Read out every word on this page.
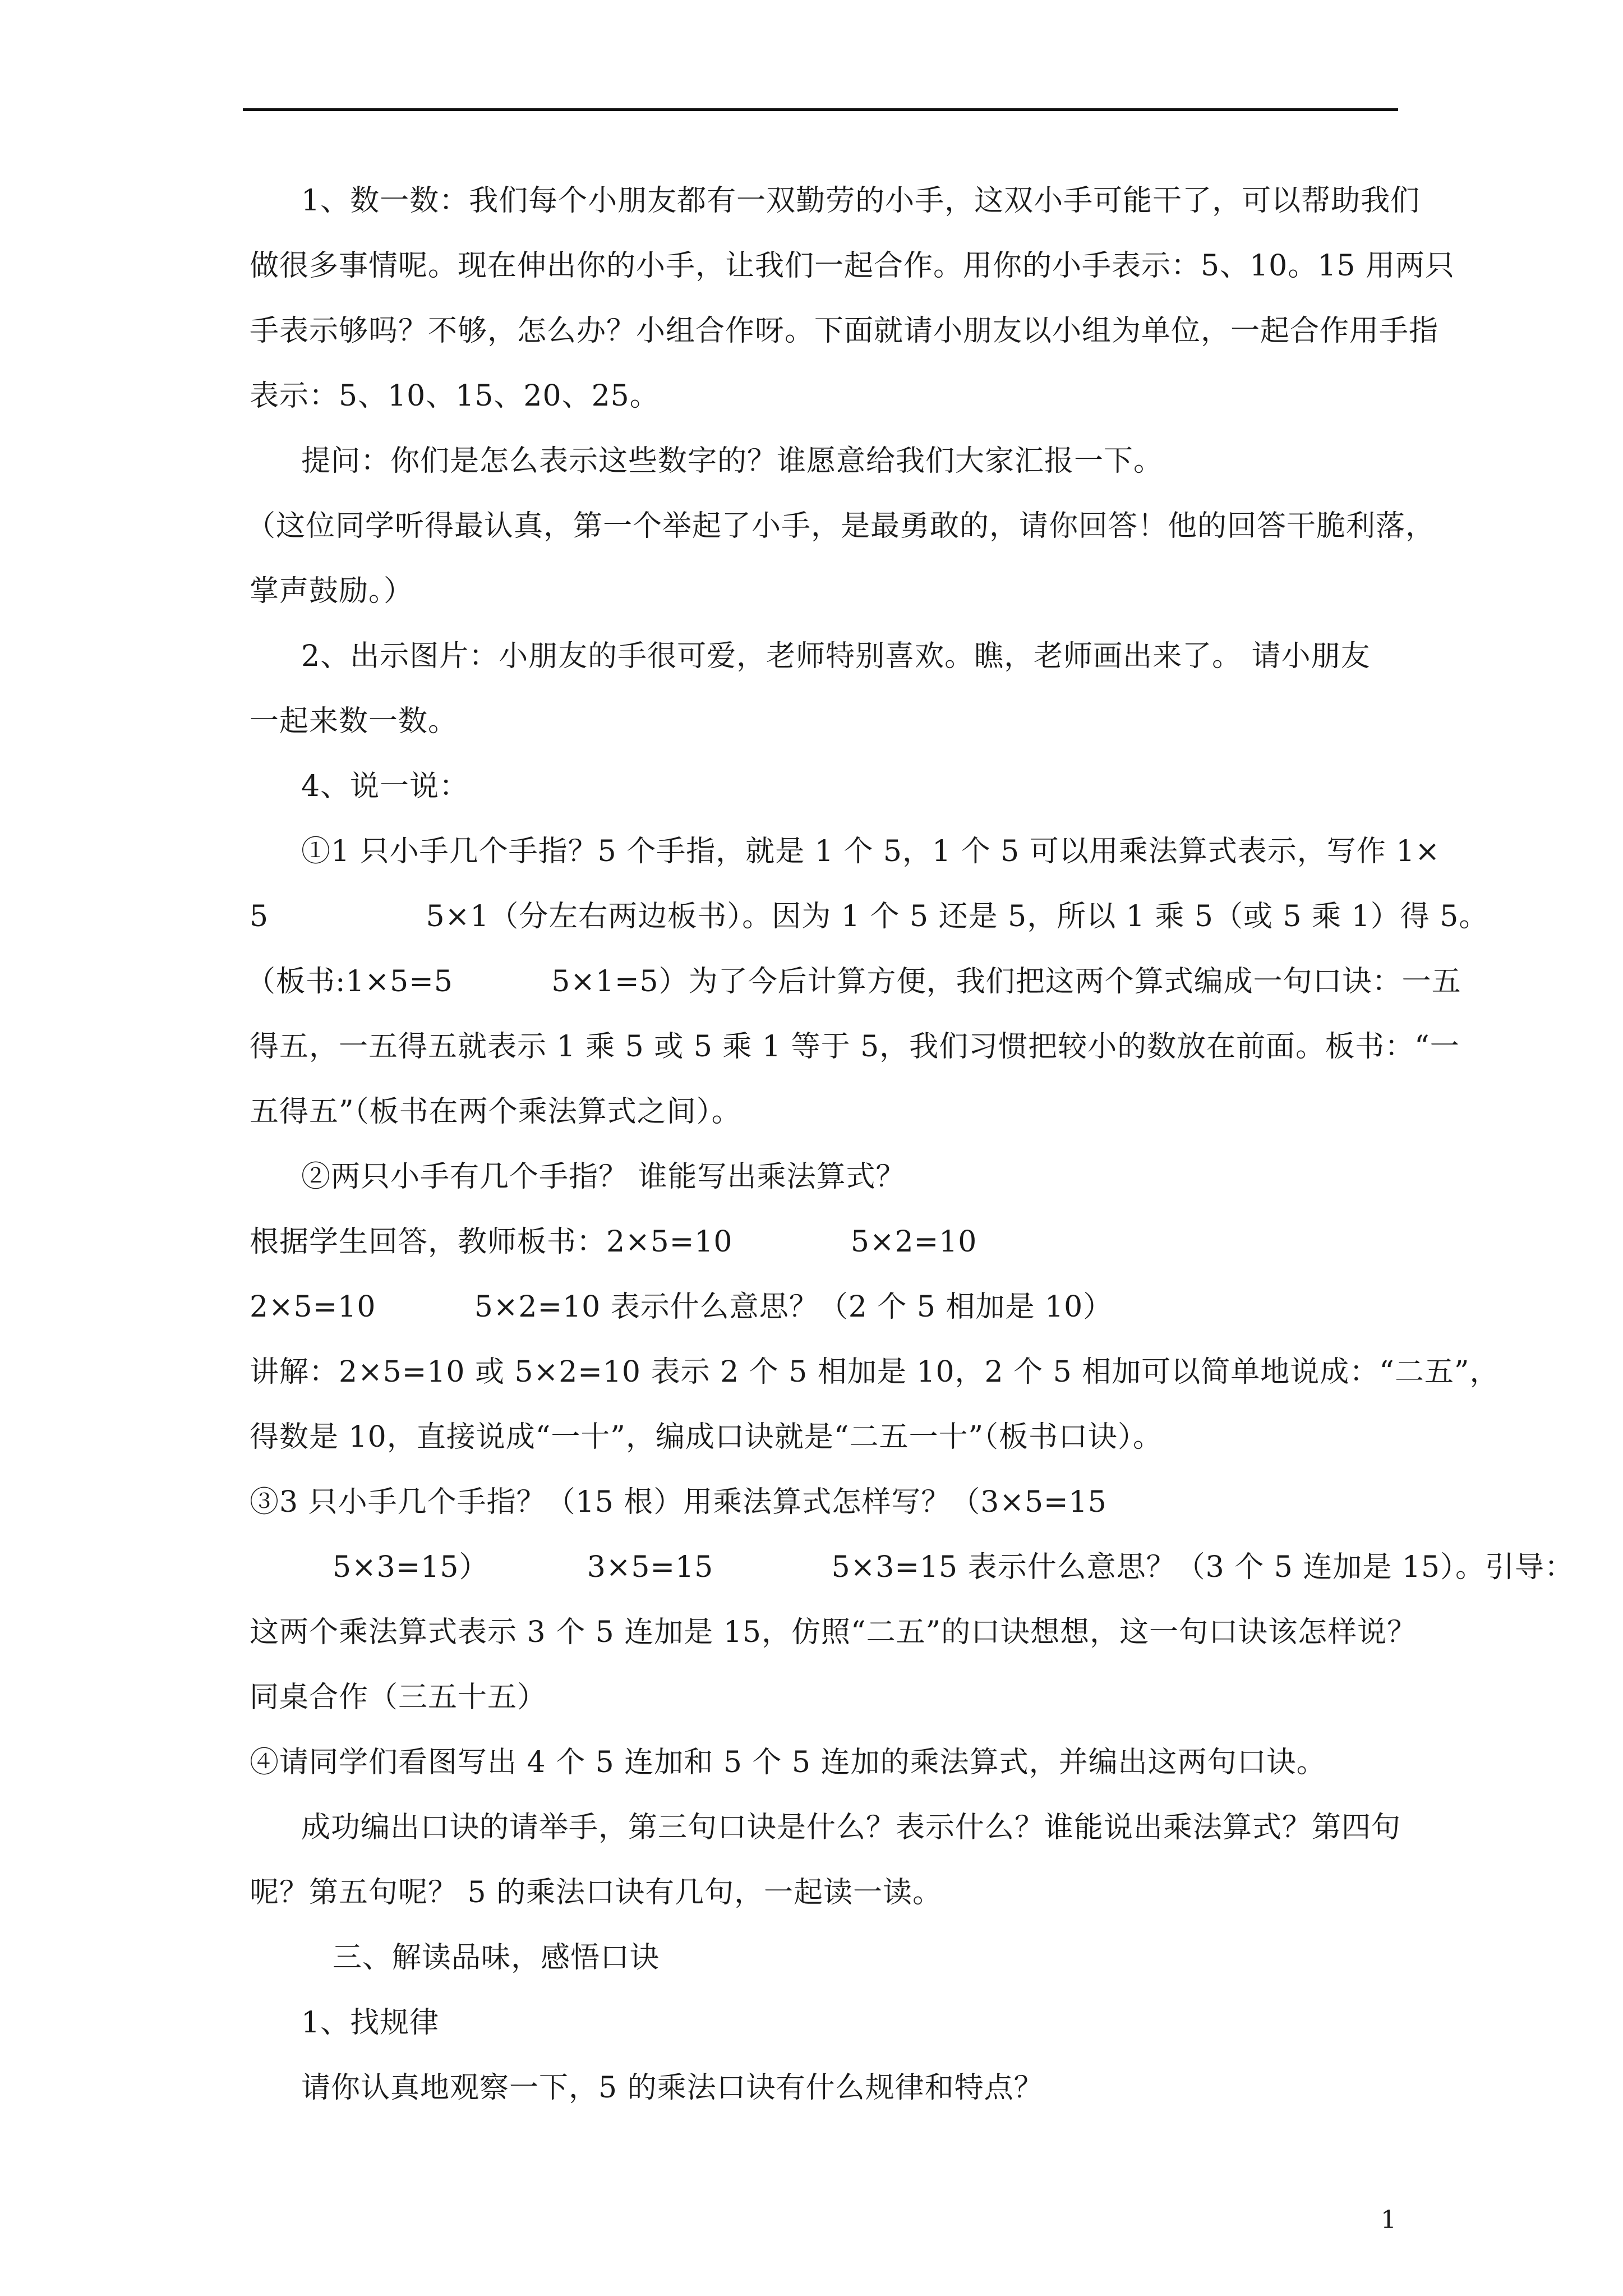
1、数一数：我们每个小朋友都有一双勤劳的小手，这双小手可能干了，可以帮助我们
做很多事情呢。现在伸出你的小手，让我们一起合作。用你的小手表示：5、10。15 用两只
手表示够吗？不够，怎么办？小组合作呀。下面就请小朋友以小组为单位，一起合作用手指
表示：5、10、15、20、25。
提问：你们是怎么表示这些数字的？谁愿意给我们大家汇报一下。
（这位同学听得最认真，第一个举起了小手，是最勇敢的，请你回答！他的回答干脆利落，
掌声鼓励。）
2、出示图片：小朋友的手很可爱，老师特别喜欢。瞧，老师画出来了。 请小朋友
一起来数一数。
4、说一说：
①1 只小手几个手指？5 个手指，就是 1 个 5，1 个 5 可以用乘法算式表示，写作 1×
5                5×1（分左右两边板书）。因为 1 个 5 还是 5，所以 1 乘 5（或 5 乘 1）得 5。
（板书:1×5=5          5×1=5）为了今后计算方便，我们把这两个算式编成一句口诀：一五
得五，一五得五就表示 1 乘 5 或 5 乘 1 等于 5，我们习惯把较小的数放在前面。板书：“一
五得五”（板书在两个乘法算式之间）。
②两只小手有几个手指？ 谁能写出乘法算式？
根据学生回答，教师板书：2×5=10            5×2=10
2×5=10          5×2=10 表示什么意思？（2 个 5 相加是 10）
讲解：2×5=10 或 5×2=10 表示 2 个 5 相加是 10，2 个 5 相加可以简单地说成：“二五”，
得数是 10，直接说成“一十”，编成口诀就是“二五一十”（板书口诀）。
③3 只小手几个手指？（15 根）用乘法算式怎样写？（3×5=15
5×3=15）          3×5=15            5×3=15 表示什么意思？（3 个 5 连加是 15）。引导：
这两个乘法算式表示 3 个 5 连加是 15，仿照“二五”的口诀想想，这一句口诀该怎样说？
同桌合作（三五十五）
④请同学们看图写出 4 个 5 连加和 5 个 5 连加的乘法算式，并编出这两句口诀。
成功编出口诀的请举手，第三句口诀是什么？表示什么？谁能说出乘法算式？第四句
呢？第五句呢？ 5 的乘法口诀有几句，一起读一读。
三、解读品味，感悟口诀
1、找规律
请你认真地观察一下，5 的乘法口诀有什么规律和特点？
1
